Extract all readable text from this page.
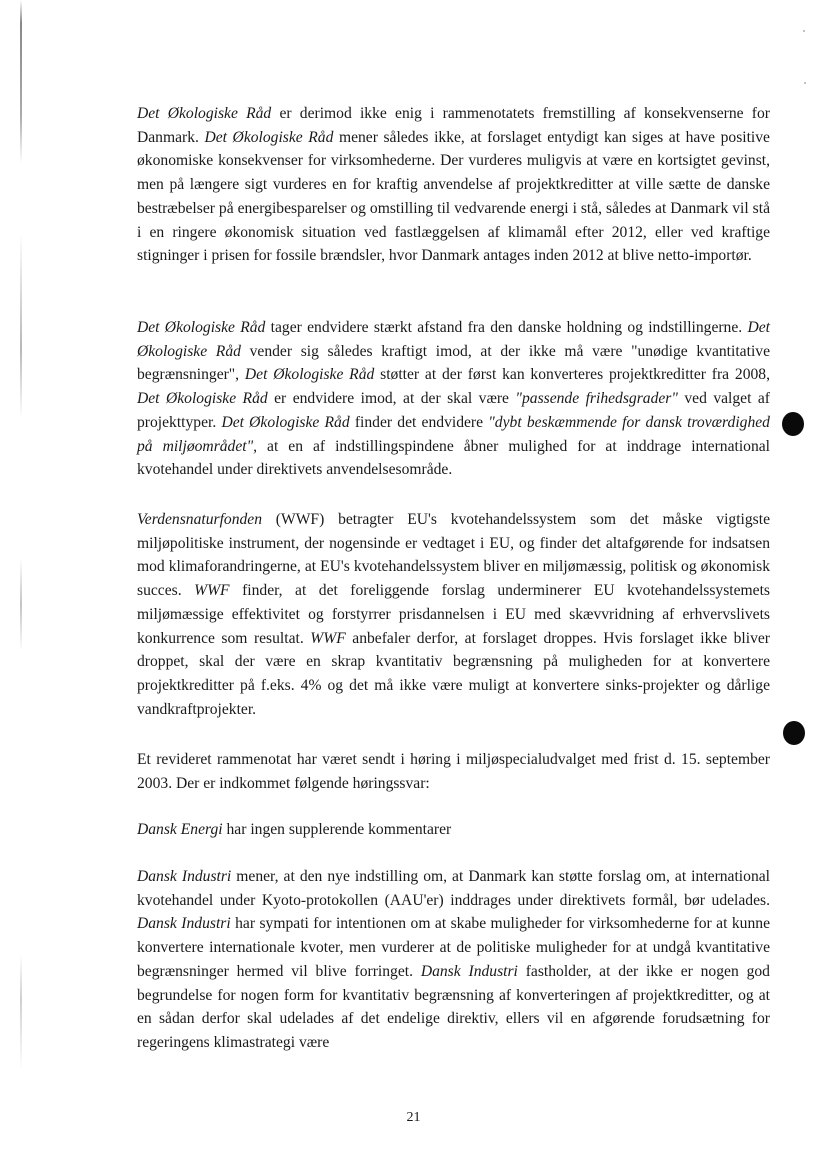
Det Økologiske Råd er derimod ikke enig i rammenotatets fremstilling af konsekvenserne for Danmark. Det Økologiske Råd mener således ikke, at forslaget entydigt kan siges at have positive økonomiske konsekvenser for virksomhederne. Der vurderes muligvis at være en kortsigtet gevinst, men på længere sigt vurderes en for kraftig anvendelse af projektkreditter at ville sætte de danske bestræbelser på energibesparelser og omstilling til vedvarende energi i stå, således at Danmark vil stå i en ringere økonomisk situation ved fastlæggelsen af klimamål efter 2012, eller ved kraftige stigninger i prisen for fossile brændsler, hvor Danmark antages inden 2012 at blive netto-importør.

Det Økologiske Råd tager endvidere stærkt afstand fra den danske holdning og indstillingerne. Det Økologiske Råd vender sig således kraftigt imod, at der ikke må være "unødige kvantitative begrænsninger", Det Økologiske Råd støtter at der først kan konverteres projektkreditter fra 2008, Det Økologiske Råd er endvidere imod, at der skal være "passende frihedsgrader" ved valget af projekttyper. Det Økologiske Råd finder det endvidere "dybt beskæmmende for dansk troværdighed på miljøområdet", at en af indstillingspindene åbner mulighed for at inddrage international kvotehandel under direktivets anvendelsesområde.

Verdensnaturfonden (WWF) betragter EU's kvotehandelssystem som det måske vigtigste miljøpolitiske instrument, der nogensinde er vedtaget i EU, og finder det altafgørende for indsatsen mod klimaforandringerne, at EU's kvotehandelssystem bliver en miljømæssig, politisk og økonomisk succes. WWF finder, at det foreliggende forslag underminerer EU kvotehandelssystemets miljømæssige effektivitet og forstyrrer prisdannelsen i EU med skævvridning af erhvervslivets konkurrence som resultat. WWF anbefaler derfor, at forslaget droppes. Hvis forslaget ikke bliver droppet, skal der være en skrap kvantitativ begrænsning på muligheden for at konvertere projektkreditter på f.eks. 4% og det må ikke være muligt at konvertere sinks-projekter og dårlige vandkraftprojekter.

Et revideret rammenotat har været sendt i høring i miljøspecialudvalget med frist d. 15. september 2003. Der er indkommet følgende høringssvar:

Dansk Energi har ingen supplerende kommentarer

Dansk Industri mener, at den nye indstilling om, at Danmark kan støtte forslag om, at international kvotehandel under Kyoto-protokollen (AAU'er) inddrages under direktivets formål, bør udelades. Dansk Industri har sympati for intentionen om at skabe muligheder for virksomhederne for at kunne konvertere internationale kvoter, men vurderer at de politiske muligheder for at undgå kvantitative begrænsninger hermed vil blive forringet. Dansk Industri fastholder, at der ikke er nogen god begrundelse for nogen form for kvantitativ begrænsning af konverteringen af projektkreditter, og at en sådan derfor skal udelades af det endelige direktiv, ellers vil en afgørende forudsætning for regeringens klimastrategi være

21
